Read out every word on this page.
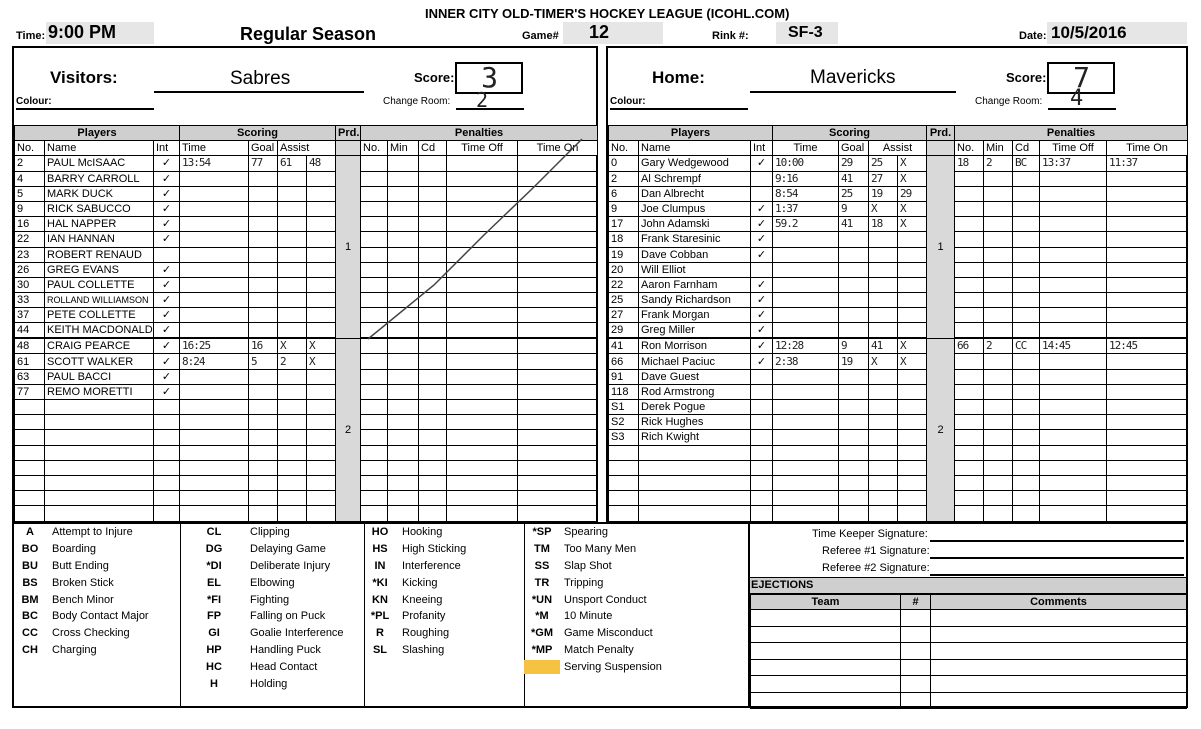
INNER CITY OLD-TIMER'S HOCKEY LEAGUE (ICOHL.COM)
Time: 9:00 PM	Regular Season	Game#	12	Rink #:	SF-3	Date: 10/5/2016
Visitors:	Sabres	Score: 3
Colour:	Change Room: 2
Home:	Mavericks	Score: 7
Colour:	Change Room: 4
Players			Scoring				Prd.	Penalties				
No.	Name	Int	Time	Goal	Assist			No.	Min	Cd	Time Off	Time On
2	PAUL McISAAC	✓	13:54	77	61	48	1					
4	BARRY CARROLL	✓										
5	MARK DUCK	✓										
9	RICK SABUCCO	✓										
16	HAL NAPPER	✓										
22	IAN HANNAN	✓										
23	ROBERT RENAUD											
26	GREG EVANS	✓										
30	PAUL COLLETTE	✓										
33	ROLLAND WILLIAMSON	✓										
37	PETE COLLETTE	✓										
44	KEITH MACDONALD	✓										
48	CRAIG PEARCE	✓	16:25	16	X	X	2					
61	SCOTT WALKER	✓	8:24	5	2	X						
63	PAUL BACCI	✓										
77	REMO MORETTI	✓										

Players			Scoring				Prd.	Penalties				
No.	Name	Int	Time	Goal	Assist			No.	Min	Cd	Time Off	Time On
0	Gary Wedgewood	✓	10:00	29	25	X	1	18	2	BC	13:37	11:37
2	Al Schrempf		9:16	41	27	X						
6	Dan Albrecht		8:54	25	19	29						
9	Joe Clumpus	✓	1:37	9	X	X						
17	John Adamski	✓	59.2	41	18	X						
18	Frank Staresinic	✓										
19	Dave Cobban	✓										
20	Will Elliot											
22	Aaron Farnham	✓										
25	Sandy Richardson	✓										
27	Frank Morgan	✓										
29	Greg Miller	✓										
41	Ron Morrison	✓	12:28	9	41	X	2	66	2	CC	14:45	12:45
66	Michael Paciuc	✓	2:38	19	X	X						
91	Dave Guest											
118	Rod Armstrong											
S1	Derek Pogue											
S2	Rick Hughes											
S3	Rich Kwight											

A	Attempt to Injure
BO	Boarding
BU	Butt Ending
BS	Broken Stick
BM	Bench Minor
BC	Body Contact Major
CC	Cross Checking
CH	Charging
CL	Clipping
DG	Delaying Game
*DI	Deliberate Injury
EL	Elbowing
*FI	Fighting
FP	Falling on Puck
GI	Goalie Interference
HP	Handling Puck
HC	Head Contact
H	Holding
HO	Hooking
HS	High Sticking
IN	Interference
*KI	Kicking
KN	Kneeing
*PL	Profanity
R	Roughing
SL	Slashing
*SP	Spearing
TM	Too Many Men
SS	Slap Shot
TR	Tripping
*UN	Unsport Conduct
*M	10 Minute
*GM	Game Misconduct
*MP	Match Penalty
Serving Suspension
Time Keeper Signature:
Referee #1 Signature:
Referee #2 Signature:
EJECTIONS
Team	#	Comments
